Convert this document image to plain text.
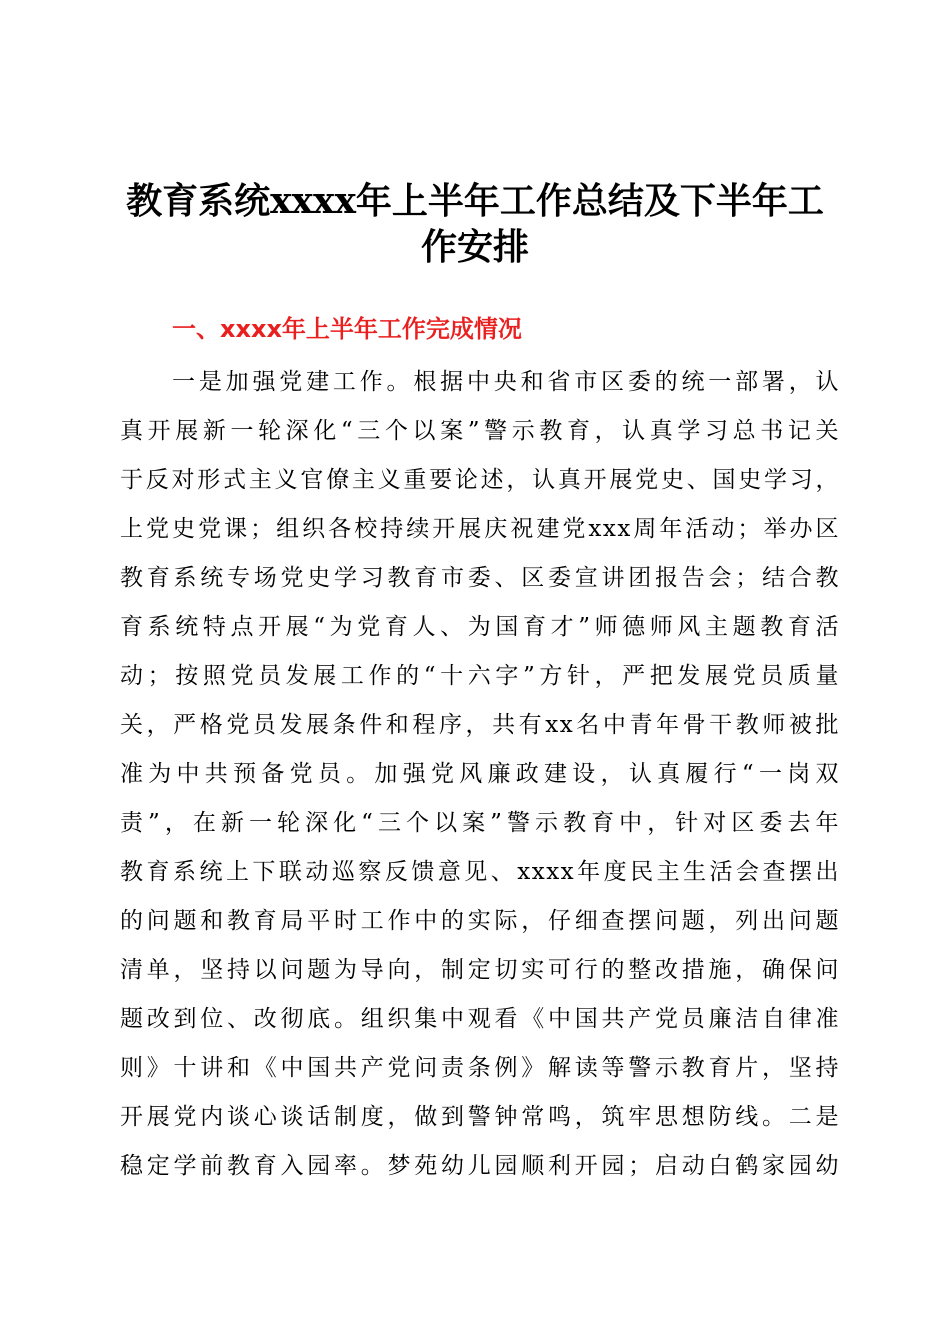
教育系统xxxx年上半年工作总结及下半年工
作安排
一、xxxx年上半年工作完成情况
一是加强党建工作。根据中央和省市区委的统一部署，认
真开展新一轮深化“三个以案”警示教育，认真学习总书记关
于反对形式主义官僚主义重要论述，认真开展党史、国史学习，
上党史党课；组织各校持续开展庆祝建党xxx周年活动；举办区
教育系统专场党史学习教育市委、区委宣讲团报告会；结合教
育系统特点开展“为党育人、为国育才”师德师风主题教育活
动；按照党员发展工作的“十六字”方针，严把发展党员质量
关，严格党员发展条件和程序，共有xx名中青年骨干教师被批
准为中共预备党员。加强党风廉政建设，认真履行“一岗双
责”，在新一轮深化“三个以案”警示教育中，针对区委去年
教育系统上下联动巡察反馈意见、xxxx年度民主生活会查摆出
的问题和教育局平时工作中的实际，仔细查摆问题，列出问题
清单，坚持以问题为导向，制定切实可行的整改措施，确保问
题改到位、改彻底。组织集中观看《中国共产党员廉洁自律准
则》十讲和《中国共产党问责条例》解读等警示教育片，坚持
开展党内谈心谈话制度，做到警钟常鸣，筑牢思想防线。二是
稳定学前教育入园率。梦苑幼儿园顺利开园；启动白鹤家园幼
